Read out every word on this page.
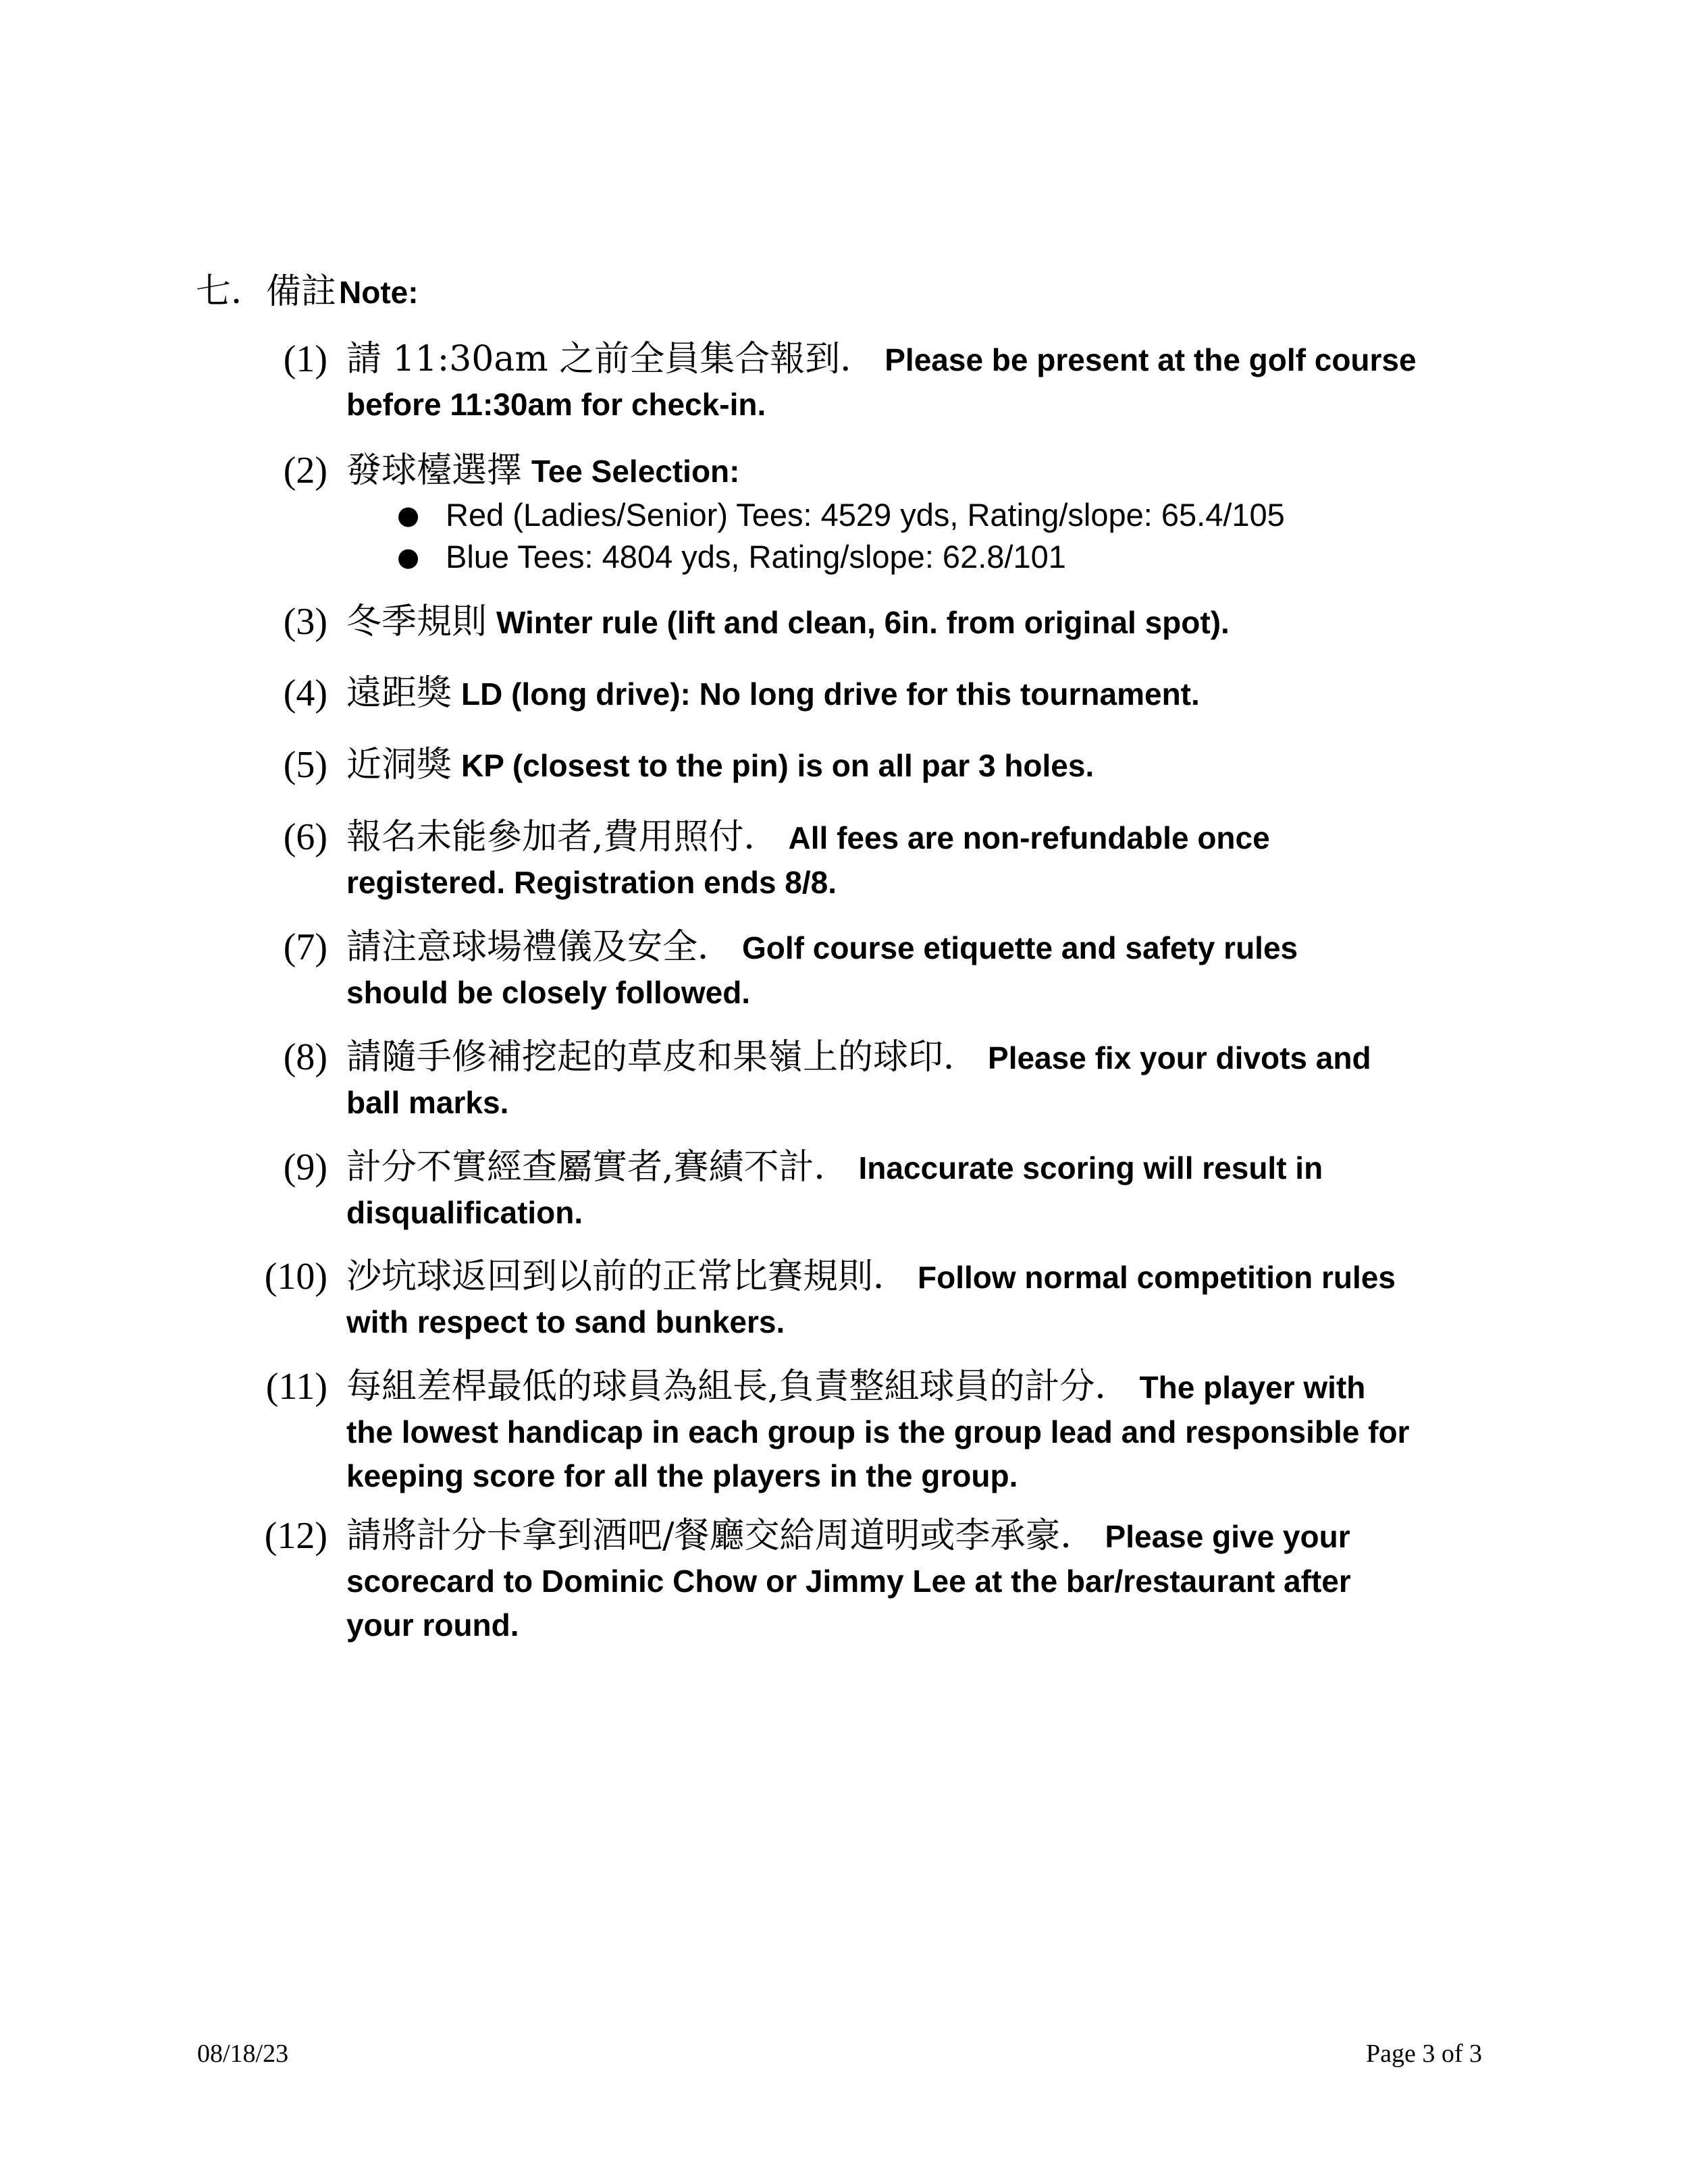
七．備註 Note:
(1) 請 11:30am 之前全員集合報到． Please be present at the golf course
before 11:30am for check-in.
(2) 發球檯選擇 Tee Selection:
● Red (Ladies/Senior) Tees: 4529 yds, Rating/slope: 65.4/105
● Blue Tees: 4804 yds, Rating/slope: 62.8/101
(3) 冬季規則 Winter rule (lift and clean, 6in. from original spot).
(4) 遠距獎 LD (long drive): No long drive for this tournament.
(5) 近洞獎 KP (closest to the pin) is on all par 3 holes.
(6) 報名未能參加者,費用照付． All fees are non-refundable once
registered. Registration ends 8/8.
(7) 請注意球場禮儀及安全． Golf course etiquette and safety rules
should be closely followed.
(8) 請隨手修補挖起的草皮和果嶺上的球印． Please fix your divots and
ball marks.
(9) 計分不實經查屬實者,賽績不計． Inaccurate scoring will result in
disqualification.
(10) 沙坑球返回到以前的正常比賽規則． Follow normal competition rules
with respect to sand bunkers.
(11) 每組差桿最低的球員為組長,負責整組球員的計分． The player with
the lowest handicap in each group is the group lead and responsible for
keeping score for all the players in the group.
(12) 請將計分卡拿到酒吧/餐廳交給周道明或李承豪． Please give your
scorecard to Dominic Chow or Jimmy Lee at the bar/restaurant after
your round.
08/18/23	Page 3 of 3
